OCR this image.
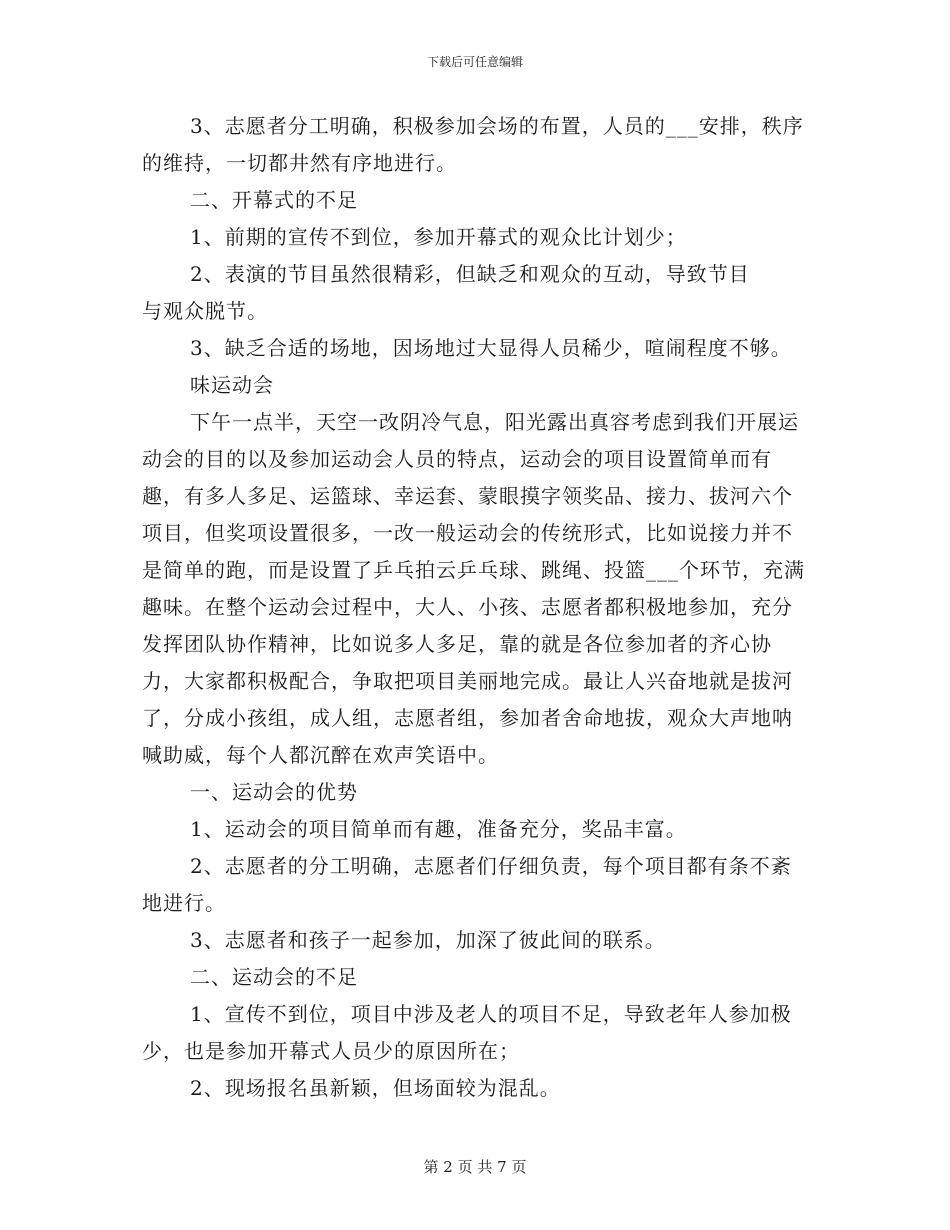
下载后可任意编辑

3、志愿者分工明确，积极参加会场的布置，人员的___安排，秩序的维持，一切都井然有序地进行。

二、开幕式的不足

1、前期的宣传不到位，参加开幕式的观众比计划少；

2、表演的节目虽然很精彩，但缺乏和观众的互动，导致节目
与观众脱节。

3、缺乏合适的场地，因场地过大显得人员稀少，喧闹程度不够。

味运动会

下午一点半，天空一改阴冷气息，阳光露出真容考虑到我们开展运动会的目的以及参加运动会人员的特点，运动会的项目设置简单而有趣，有多人多足、运篮球、幸运套、蒙眼摸字领奖品、接力、拔河六个项目，但奖项设置很多，一改一般运动会的传统形式，比如说接力并不是简单的跑，而是设置了乒乓拍云乒乓球、跳绳、投篮___个环节，充满趣味。在整个运动会过程中，大人、小孩、志愿者都积极地参加，充分发挥团队协作精神，比如说多人多足，靠的就是各位参加者的齐心协力，大家都积极配合，争取把项目美丽地完成。最让人兴奋地就是拔河了，分成小孩组，成人组，志愿者组，参加者舍命地拔，观众大声地呐喊助威，每个人都沉醉在欢声笑语中。

一、运动会的优势

1、运动会的项目简单而有趣，准备充分，奖品丰富。

2、志愿者的分工明确，志愿者们仔细负责，每个项目都有条不紊地进行。

3、志愿者和孩子一起参加，加深了彼此间的联系。

二、运动会的不足

1、宣传不到位，项目中涉及老人的项目不足，导致老年人参加极少，也是参加开幕式人员少的原因所在；

2、现场报名虽新颖，但场面较为混乱。

第 2 页 共 7 页
